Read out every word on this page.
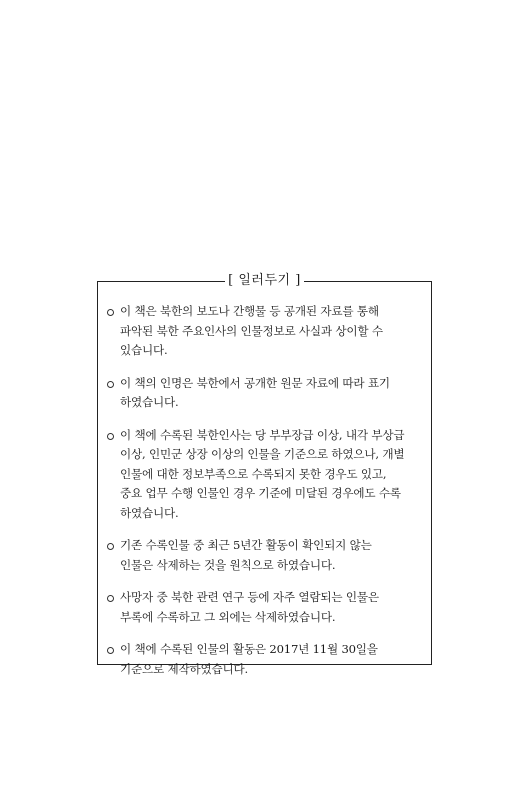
[ 일러두기 ]
이 책은 북한의 보도나 간행물 등 공개된 자료를 통해
파악된 북한 주요인사의 인물정보로 사실과 상이할 수
있습니다.
이 책의 인명은 북한에서 공개한 원문 자료에 따라 표기
하였습니다.
이 책에 수록된 북한인사는 당 부부장급 이상, 내각 부상급
이상, 인민군 상장 이상의 인물을 기준으로 하였으나, 개별
인물에 대한 정보부족으로 수록되지 못한 경우도 있고,
중요 업무 수행 인물인 경우 기준에 미달된 경우에도 수록
하였습니다.
기존 수록인물 중 최근 5년간 활동이 확인되지 않는
인물은 삭제하는 것을 원칙으로 하였습니다.
사망자 중 북한 관련 연구 등에 자주 열람되는 인물은
부록에 수록하고 그 외에는 삭제하였습니다.
이 책에 수록된 인물의 활동은 2017년 11월 30일을
기준으로 제작하였습니다.
